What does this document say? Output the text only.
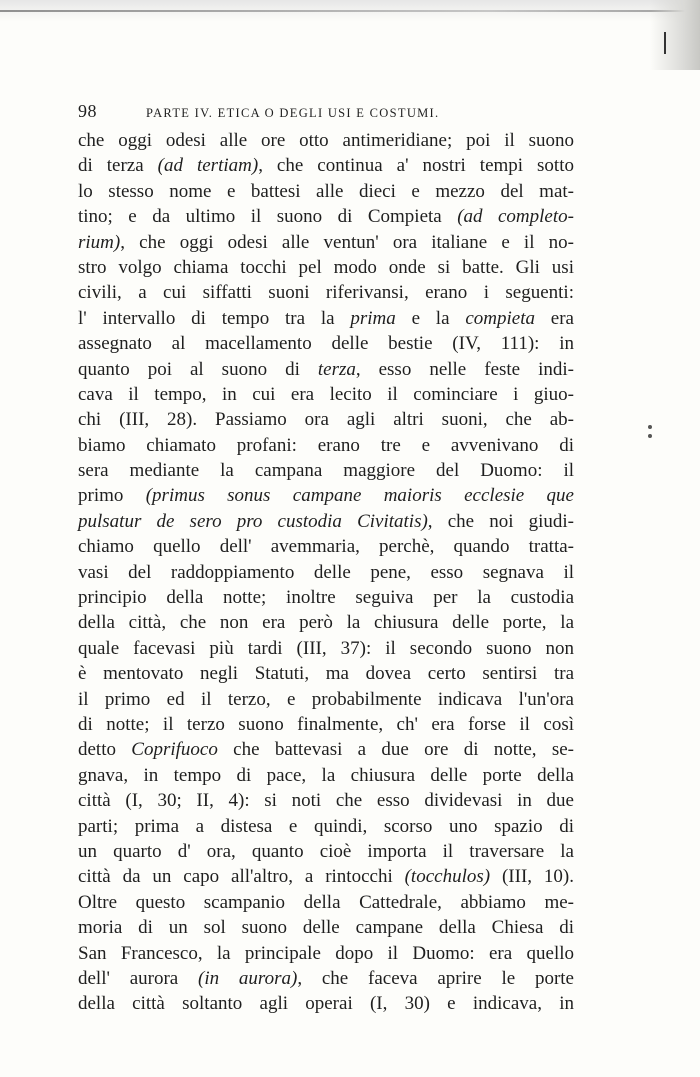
98	PARTE IV. ETICA O DEGLI USI E COSTUMI.
che oggi odesi alle ore otto antimeridiane; poi il suono
di terza (ad tertiam), che continua a' nostri tempi sotto
lo stesso nome e battesi alle dieci e mezzo del mat-
tino; e da ultimo il suono di Compieta (ad completo-
rium), che oggi odesi alle ventun' ora italiane e il no-
stro volgo chiama tocchi pel modo onde si batte. Gli usi
civili, a cui siffatti suoni riferivansi, erano i seguenti:
l' intervallo di tempo tra la prima e la compieta era
assegnato al macellamento delle bestie (IV, 111): in
quanto poi al suono di terza, esso nelle feste indi-
cava il tempo, in cui era lecito il cominciare i giuo-
chi (III, 28). Passiamo ora agli altri suoni, che ab-
biamo chiamato profani: erano tre e avvenivano di
sera mediante la campana maggiore del Duomo: il
primo (primus sonus campane maioris ecclesie que
pulsatur de sero pro custodia Civitatis), che noi giudi-
chiamo quello dell' avemmaria, perchè, quando tratta-
vasi del raddoppiamento delle pene, esso segnava il
principio della notte; inoltre seguiva per la custodia
della città, che non era però la chiusura delle porte, la
quale facevasi più tardi (III, 37): il secondo suono non
è mentovato negli Statuti, ma dovea certo sentirsi tra
il primo ed il terzo, e probabilmente indicava l'un'ora
di notte; il terzo suono finalmente, ch' era forse il così
detto Coprifuoco che battevasi a due ore di notte, se-
gnava, in tempo di pace, la chiusura delle porte della
città (I, 30; II, 4): si noti che esso dividevasi in due
parti; prima a distesa e quindi, scorso uno spazio di
un quarto d' ora, quanto cioè importa il traversare la
città da un capo all'altro, a rintocchi (tocchulos) (III, 10).
Oltre questo scampanio della Cattedrale, abbiamo me-
moria di un sol suono delle campane della Chiesa di
San Francesco, la principale dopo il Duomo: era quello
dell' aurora (in aurora), che faceva aprire le porte
della città soltanto agli operai (I, 30) e indicava, in
